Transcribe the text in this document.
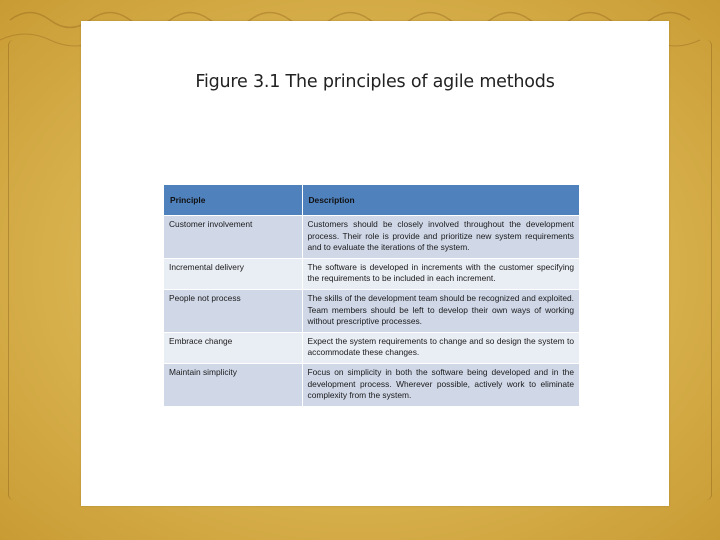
Figure 3.1 The principles of agile methods
Principle	Description
Customer involvement	Customers should be closely involved throughout the development process. Their role is provide and prioritize new system requirements and to evaluate the iterations of the system.
Incremental delivery	The software is developed in increments with the customer specifying the requirements to be included in each increment.
People not process	The skills of the development team should be recognized and exploited. Team members should be left to develop their own ways of working without prescriptive processes.
Embrace change	Expect the system requirements to change and so design the system to accommodate these changes.
Maintain simplicity	Focus on simplicity in both the software being developed and in the development process. Wherever possible, actively work to eliminate complexity from the system.
